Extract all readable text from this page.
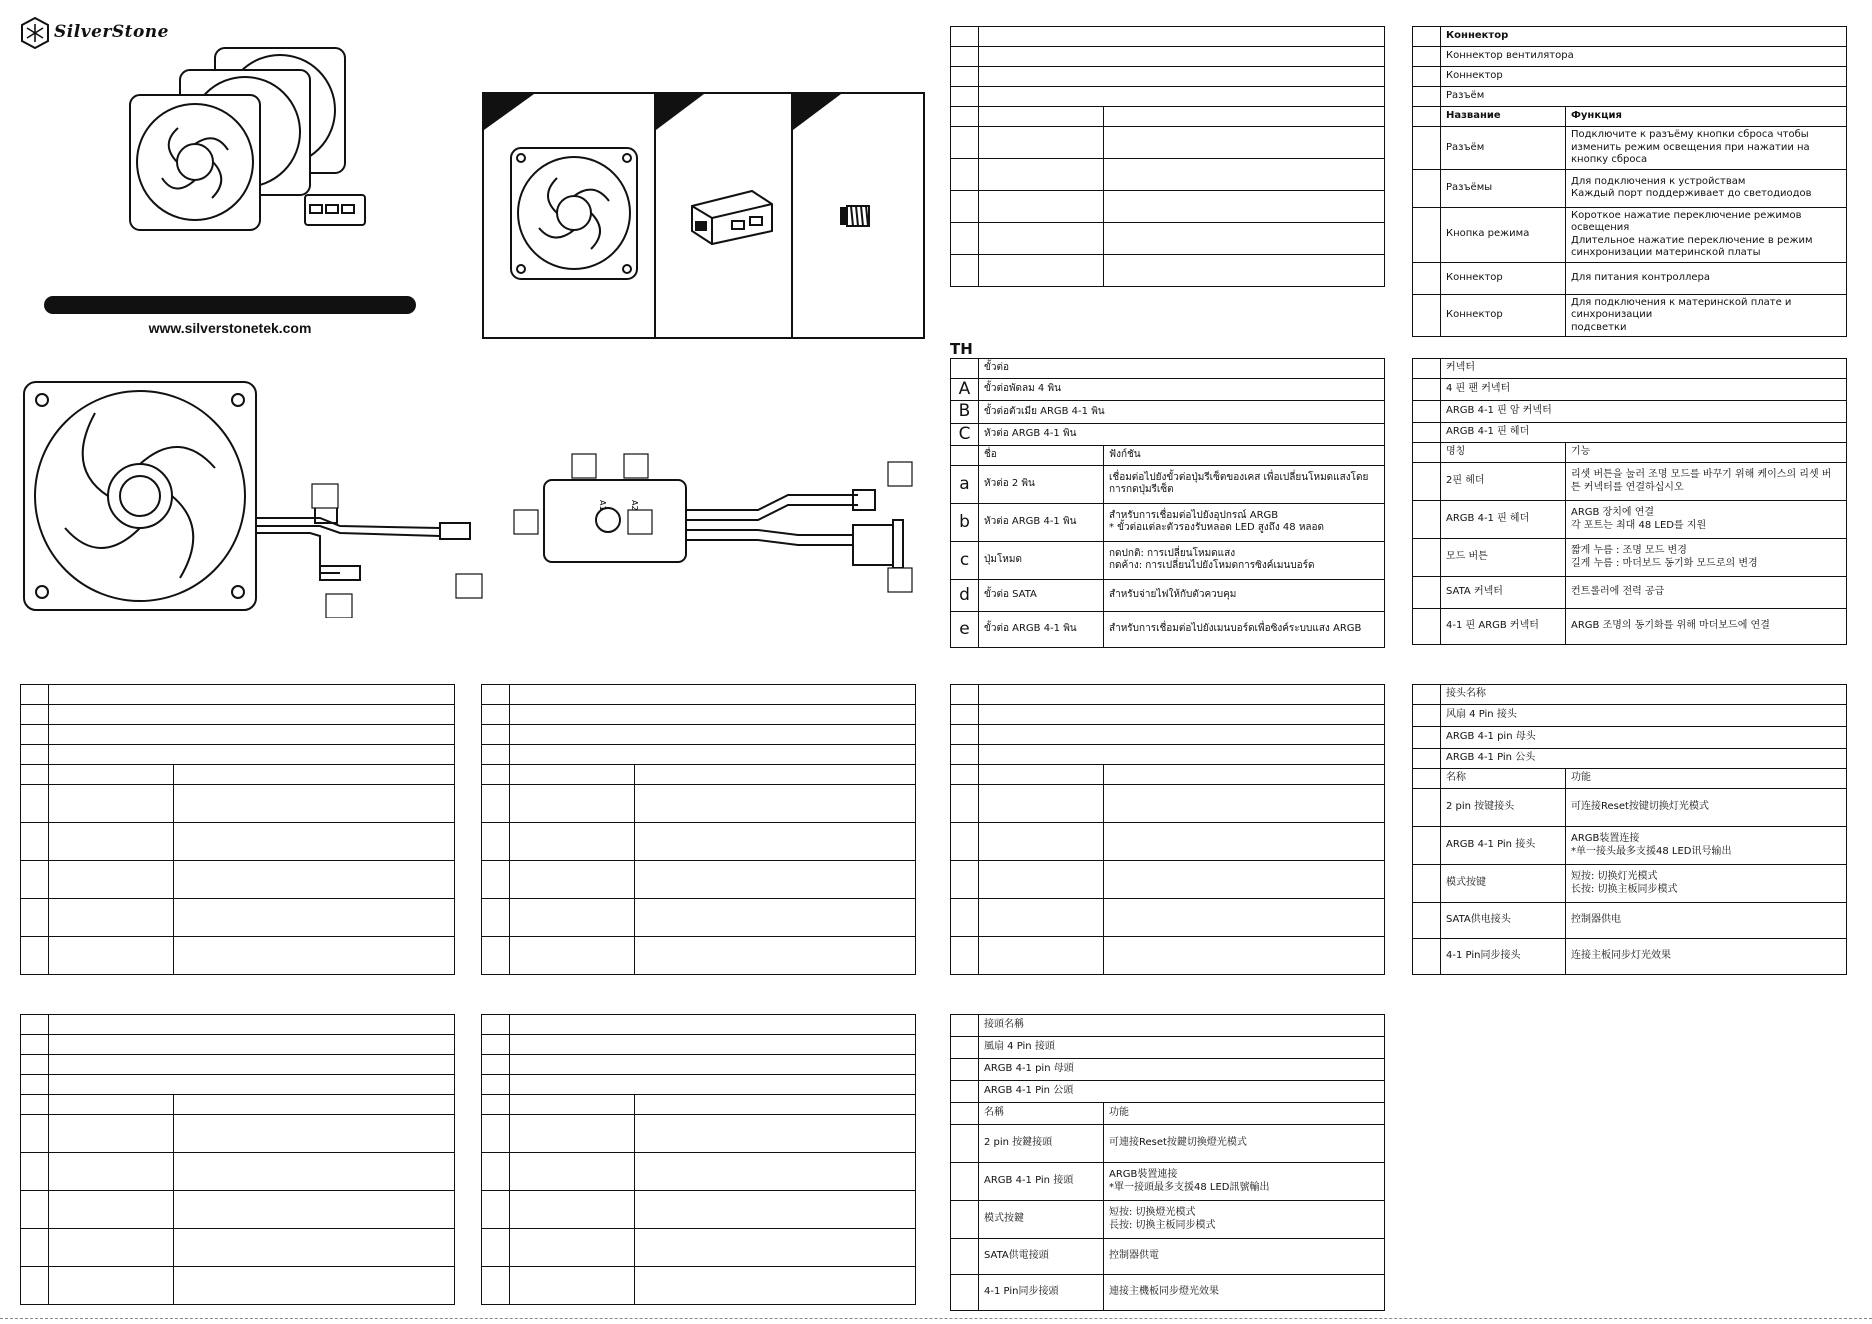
SilverStone
www.silverstonetek.com
A1	A2
TH

	Коннектор	
	Коннектор вентилятора	
	Коннектор	
	Разъём	
	Название	Функция
	Разъём	Подключите к разъёму кнопки сброса чтобы изменить режим освещения при нажатии на кнопку сброса
	Разъёмы	Для подключения к устройствам
Каждый порт поддерживает до светодиодов
	Кнопка режима	Короткое нажатие переключение режимов освещения
Длительное нажатие переключение в режим синхронизации материнской платы
	Коннектор	Для питания контроллера
	Коннектор	Для подключения к материнской плате и синхронизации
подсветки
	ขั้วต่อ	
A	ขั้วต่อพัดลม 4 พิน	
B	ขั้วต่อตัวเมีย ARGB 4-1 พิน	
C	หัวต่อ ARGB 4-1 พิน	
	ชื่อ	ฟังก์ชัน
a	หัวต่อ 2 พิน	เชื่อมต่อไปยังขั้วต่อปุ่มรีเซ็ตของเคส เพื่อเปลี่ยนโหมดแสงโดยการกดปุ่มรีเซ็ต
b	หัวต่อ ARGB 4-1 พิน	สำหรับการเชื่อมต่อไปยังอุปกรณ์ ARGB
* ขั้วต่อแต่ละตัวรองรับหลอด LED สูงถึง 48 หลอด
c	ปุ่มโหมด	กดปกติ: การเปลี่ยนโหมดแสง
กดค้าง: การเปลี่ยนไปยังโหมดการซิงค์เมนบอร์ด
d	ขั้วต่อ SATA	สำหรับจ่ายไฟให้กับตัวควบคุม
e	ขั้วต่อ ARGB 4-1 พิน	สำหรับการเชื่อมต่อไปยังเมนบอร์ดเพื่อซิงค์ระบบแสง ARGB
	커넥터	
	4 핀 팬 커넥터	
	ARGB 4-1 핀 암 커넥터	
	ARGB 4-1 핀 헤더	
	명칭	기능
	2핀 헤더	리셋 버튼을 눌러 조명 모드를 바꾸기 위해 케이스의 리셋 버튼 커넥터를 연결하십시오
	ARGB 4-1 핀 헤더	ARGB 장치에 연결
각 포트는 최대 48 LED를 지원
	모드 버튼	짧게 누름 : 조명 모드 변경
길게 누름 : 마더보드 동기화 모드로의 변경
	SATA 커넥터	컨트롤러에 전력 공급
	4-1 핀 ARGB 커넥터	ARGB 조명의 동기화를 위해 마더보드에 연결

	接头名称	
	风扇 4 Pin 接头	
	ARGB 4-1 pin 母头	
	ARGB 4-1 Pin 公头	
	名称	功能
	2 pin 按键接头	可连接Reset按键切换灯光模式
	ARGB 4-1 Pin 接头	ARGB装置连接
*单一接头最多支援48 LED讯号输出
	模式按键	短按: 切换灯光模式
长按: 切换主板同步模式
	SATA供电接头	控制器供电
	4-1 Pin同步接头	连接主板同步灯光效果

	接頭名稱	
	風扇 4 Pin 接頭	
	ARGB 4-1 pin 母頭	
	ARGB 4-1 Pin 公頭	
	名稱	功能
	2 pin 按鍵接頭	可連接Reset按鍵切換燈光模式
	ARGB 4-1 Pin 接頭	ARGB裝置連接
*單一接頭最多支援48 LED訊號輸出
	模式按鍵	短按: 切換燈光模式
長按: 切換主板同步模式
	SATA供電接頭	控制器供電
	4-1 Pin同步接頭	連接主機板同步燈光效果
